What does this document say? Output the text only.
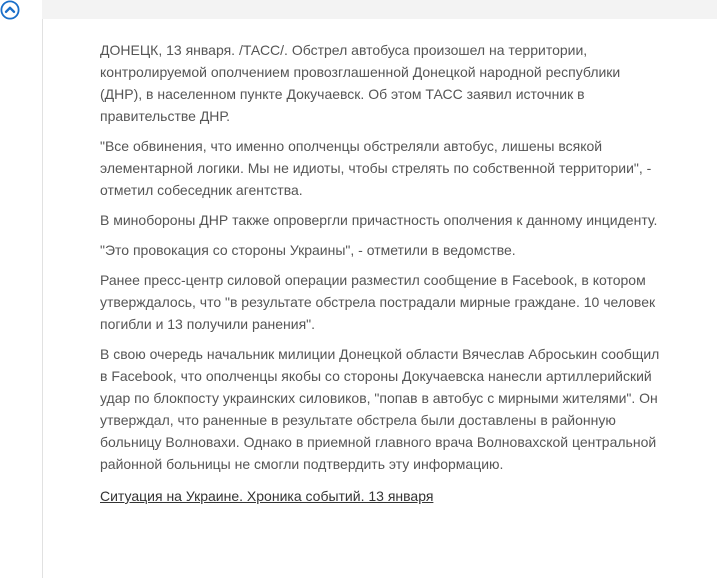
ДОНЕЦК, 13 января. /ТАСС/. Обстрел автобуса произошел на территории, контролируемой ополчением провозглашенной Донецкой народной республики (ДНР), в населенном пункте Докучаевск. Об этом ТАСС заявил источник в правительстве ДНР.

"Все обвинения, что именно ополченцы обстреляли автобус, лишены всякой элементарной логики. Мы не идиоты, чтобы стрелять по собственной территории", - отметил собеседник агентства.

В минобороны ДНР также опровергли причастность ополчения к данному инциденту.

"Это провокация со стороны Украины", - отметили в ведомстве.

Ранее пресс-центр силовой операции разместил сообщение в Facebook, в котором утверждалось, что "в результате обстрела пострадали мирные граждане. 10 человек погибли и 13 получили ранения".

В свою очередь начальник милиции Донецкой области Вячеслав Аброськин сообщил в Facebook, что ополченцы якобы со стороны Докучаевска нанесли артиллерийский удар по блокпосту украинских силовиков, "попав в автобус с мирными жителями". Он утверждал, что раненные в результате обстрела были доставлены в районную больницу Волновахи. Однако в приемной главного врача Волновахской центральной районной больницы не смогли подтвердить эту информацию.

Ситуация на Украине. Хроника событий. 13 января
